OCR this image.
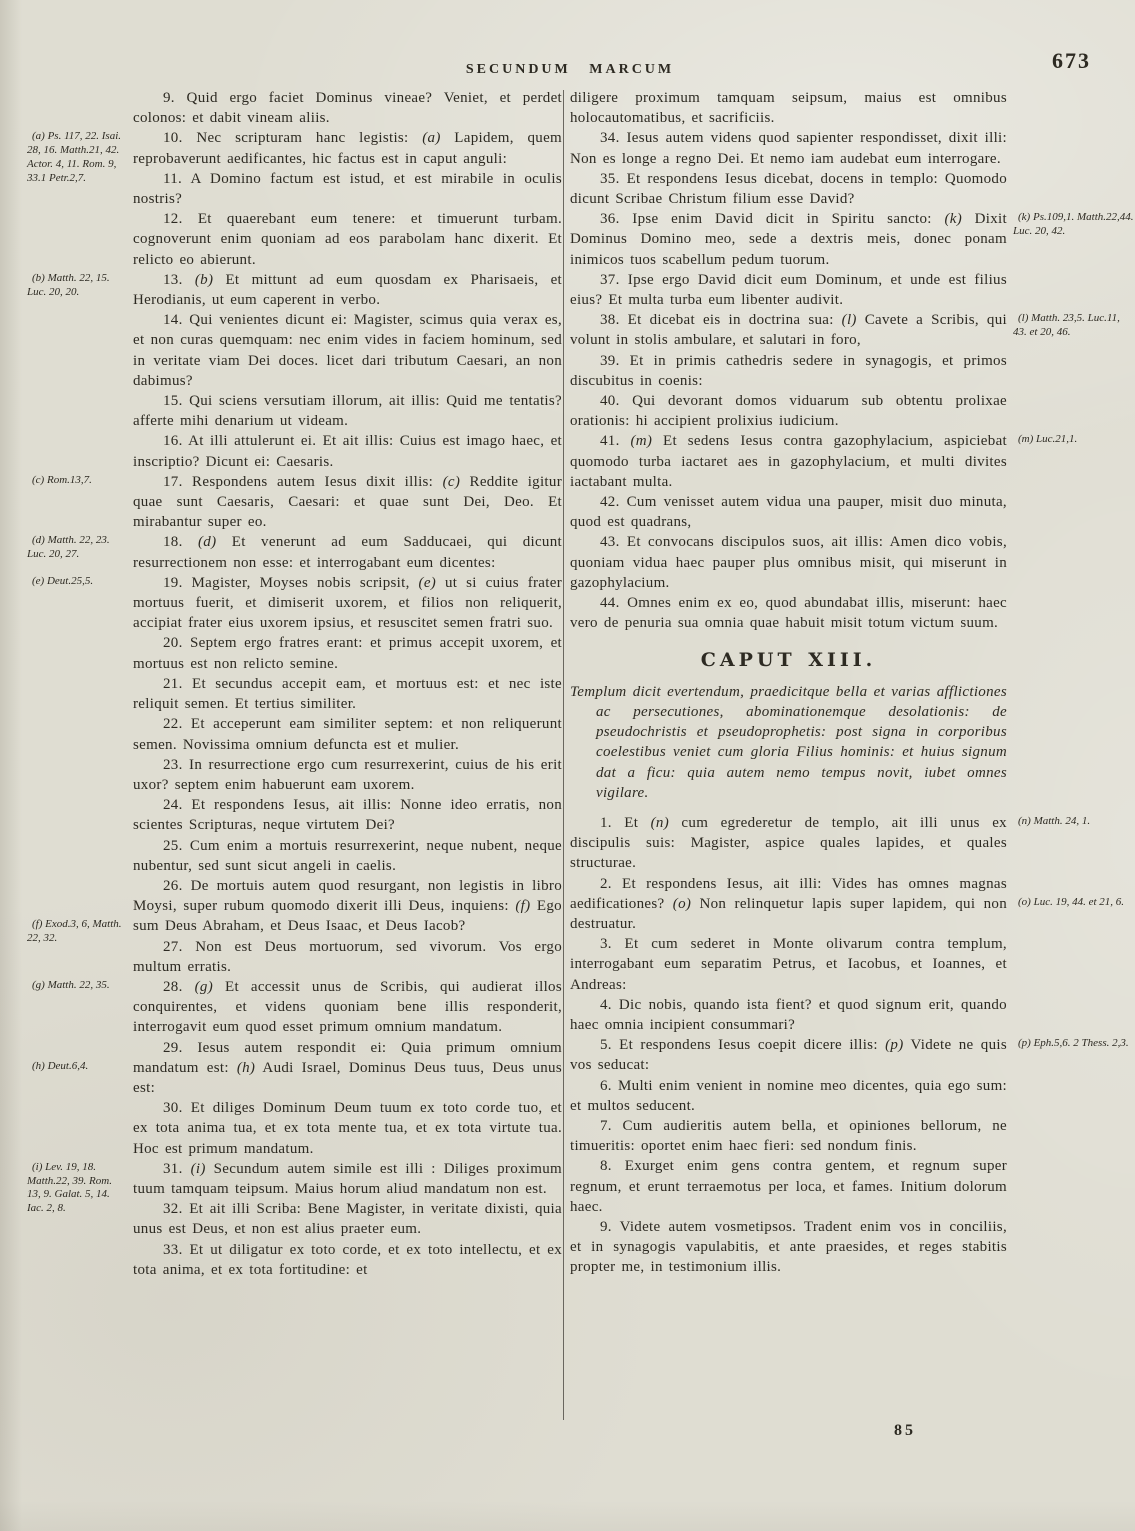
SECUNDUM MARCUM	673

9. Quid ergo faciet Dominus vineae? Veniet, et perdet colonos: et dabit vineam aliis.

10. Nec scripturam hanc legistis: (a) Lapidem, quem reprobaverunt aedificantes, hic factus est in caput anguli:
(a) Ps. 117, 22. Isai. 28, 16. Matth.21, 42. Actor. 4, 11. Rom. 9, 33.1 Petr.2,7.	11. A Domino factum est istud, et est mirabile in oculis nostris?

12. Et quaerebant eum tenere: et timuerunt turbam. cognoverunt enim quoniam ad eos parabolam hanc dixerit. Et relicto eo abierunt.

13. (b) Et mittunt ad eum quosdam ex Pharisaeis, et Herodianis, ut eum caperent in verbo.
(b) Matth. 22, 15. Luc. 20, 20.

14. Qui venientes dicunt ei: Magister, scimus quia verax es, et non curas quemquam: nec enim vides in faciem hominum, sed in veritate viam Dei doces. licet dari tributum Caesari, an non dabimus?

15. Qui sciens versutiam illorum, ait illis: Quid me tentatis? afferte mihi denarium ut videam.

16. At illi attulerunt ei. Et ait illis: Cuius est imago haec, et inscriptio? Dicunt ei: Caesaris.

17. Respondens autem Iesus dixit illis: (c) Reddite igitur quae sunt Caesaris, Caesari: et quae sunt Dei, Deo. Et mirabantur super eo.
(c) Rom.13,7.

18. (d) Et venerunt ad eum Sadducaei, qui dicunt resurrectionem non esse: et interrogabant eum dicentes:
(d) Matth. 22, 23. Luc. 20, 27.

19. Magister, Moyses nobis scripsit, (e) ut si cuius frater mortuus fuerit, et dimiserit uxorem, et filios non reliquerit, accipiat frater eius uxorem ipsius, et resuscitet semen fratri suo.
(e) Deut.25,5.

20. Septem ergo fratres erant: et primus accepit uxorem, et mortuus est non relicto semine.

21. Et secundus accepit eam, et mortuus est: et nec iste reliquit semen. Et tertius similiter.

22. Et acceperunt eam similiter septem: et non reliquerunt semen. Novissima omnium defuncta est et mulier.

23. In resurrectione ergo cum resurrexerint, cuius de his erit uxor? septem enim habuerunt eam uxorem.

24. Et respondens Iesus, ait illis: Nonne ideo erratis, non scientes Scripturas, neque virtutem Dei?

25. Cum enim a mortuis resurrexerint, neque nubent, neque nubentur, sed sunt sicut angeli in caelis.

26. De mortuis autem quod resurgant, non legistis in libro Moysi, super rubum quomodo dixerit illi Deus, inquiens: (f) Ego sum Deus Abraham, et Deus Isaac, et Deus Iacob?
(f) Exod.3, 6, Matth. 22, 32.

27. Non est Deus mortuorum, sed vivorum. Vos ergo multum erratis.

28. (g) Et accessit unus de Scribis, qui audierat illos conquirentes, et videns quoniam bene illis responderit, interrogavit eum quod esset primum omnium mandatum.
(g) Matth. 22, 35.

29. Iesus autem respondit ei: Quia primum omnium mandatum est: (h) Audi Israel, Dominus Deus tuus, Deus unus est:
(h) Deut.6,4.

30. Et diliges Dominum Deum tuum ex toto corde tuo, et ex tota anima tua, et ex tota mente tua, et ex tota virtute tua. Hoc est primum mandatum.

31. (i) Secundum autem simile est illi : Diliges proximum tuum tamquam teipsum. Maius horum aliud mandatum non est.
(i) Lev. 19, 18. Matth.22, 39. Rom. 13, 9. Galat. 5, 14. Iac. 2, 8.	32. Et ait illi Scriba: Bene Magister, in veritate dixisti, quia unus est Deus, et non est alius praeter eum.

33. Et ut diligatur ex toto corde, et ex toto intellectu, et ex tota anima, et ex tota fortitudine: et

diligere proximum tamquam seipsum, maius est omnibus holocautomatibus, et sacrificiis.

34. Iesus autem videns quod sapienter respondisset, dixit illi: Non es longe a regno Dei. Et nemo iam audebat eum interrogare.

35. Et respondens Iesus dicebat, docens in templo: Quomodo dicunt Scribae Christum filium esse David?

36. Ipse enim David dicit in Spiritu sancto: (k) Dixit Dominus Domino meo, sede a dextris meis, donec ponam inimicos tuos scabellum pedum tuorum.
(k) Ps.109,1. Matth.22,44. Luc. 20, 42.

37. Ipse ergo David dicit eum Dominum, et unde est filius eius? Et multa turba eum libenter audivit.

38. Et dicebat eis in doctrina sua: (l) Cavete a Scribis, qui volunt in stolis ambulare, et salutari in foro,
(l) Matth. 23,5. Luc.11, 43. et 20, 46.

39. Et in primis cathedris sedere in synagogis, et primos discubitus in coenis:

40. Qui devorant domos viduarum sub obtentu prolixae orationis: hi accipient prolixius iudicium.

41. (m) Et sedens Iesus contra gazophylacium, aspiciebat quomodo turba iactaret aes in gazophylacium, et multi divites iactabant multa.
(m) Luc.21,1.

42. Cum venisset autem vidua una pauper, misit duo minuta, quod est quadrans,

43. Et convocans discipulos suos, ait illis: Amen dico vobis, quoniam vidua haec pauper plus omnibus misit, qui miserunt in gazophylacium.

44. Omnes enim ex eo, quod abundabat illis, miserunt: haec vero de penuria sua omnia quae habuit misit totum victum suum.

CAPUT XIII.

Templum dicit evertendum, praedicitque bella et varias afflictiones ac persecutiones, abominationemque desolationis: de pseudochristis et pseudoprophetis: post signa in corporibus coelestibus veniet cum gloria Filius hominis: et huius signum dat a ficu: quia autem nemo tempus novit, iubet omnes vigilare.

1. Et (n) cum egrederetur de templo, ait illi unus ex discipulis suis: Magister, aspice quales lapides, et quales structurae.
(n) Matth. 24, 1.

2. Et respondens Iesus, ait illi: Vides has omnes magnas aedificationes? (o) Non relinquetur lapis super lapidem, qui non destruatur.
(o) Luc. 19, 44. et 21, 6.

3. Et cum sederet in Monte olivarum contra templum, interrogabant eum separatim Petrus, et Iacobus, et Ioannes, et Andreas:

4. Dic nobis, quando ista fient? et quod signum erit, quando haec omnia incipient consummari?

5. Et respondens Iesus coepit dicere illis: (p) Videte ne quis vos seducat:
(p) Eph.5,6. 2 Thess. 2,3.

6. Multi enim venient in nomine meo dicentes, quia ego sum: et multos seducent.

7. Cum audieritis autem bella, et opiniones bellorum, ne timueritis: oportet enim haec fieri: sed nondum finis.

8. Exurget enim gens contra gentem, et regnum super regnum, et erunt terraemotus per loca, et fames. Initium dolorum haec.

9. Videte autem vosmetipsos. Tradent enim vos in conciliis, et in synagogis vapulabitis, et ante praesides, et reges stabitis propter me, in testimonium illis.

85
